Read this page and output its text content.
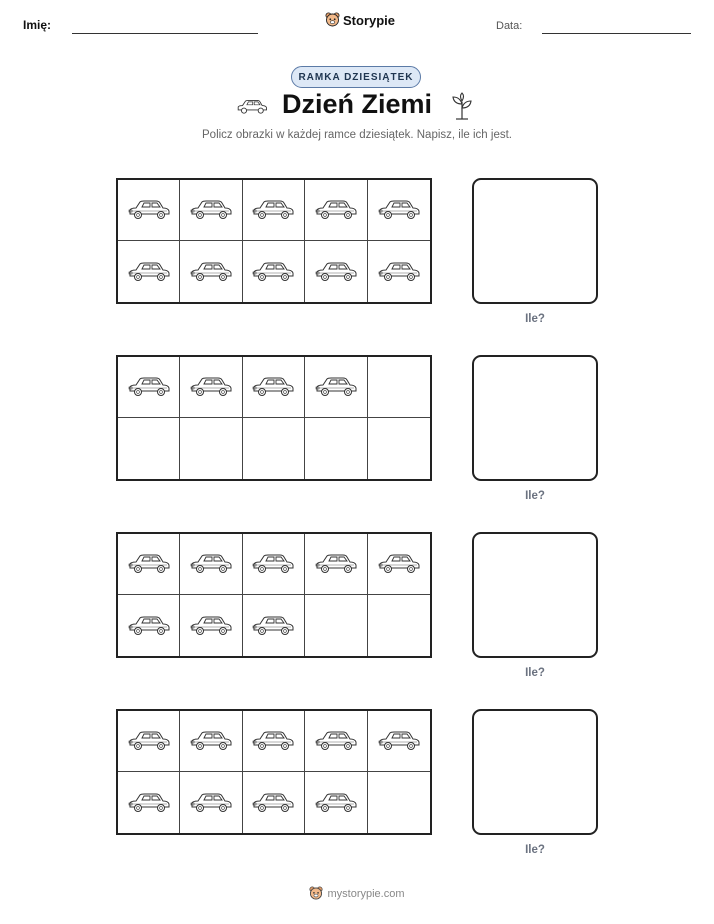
Imię:	Storypie	Data:
RAMKA DZIESIĄTEK
Dzień Ziemi
Policz obrazki w każdej ramce dziesiątek. Napisz, ile ich jest.
Ile?
Ile?
Ile?
Ile?
mystorypie.com
